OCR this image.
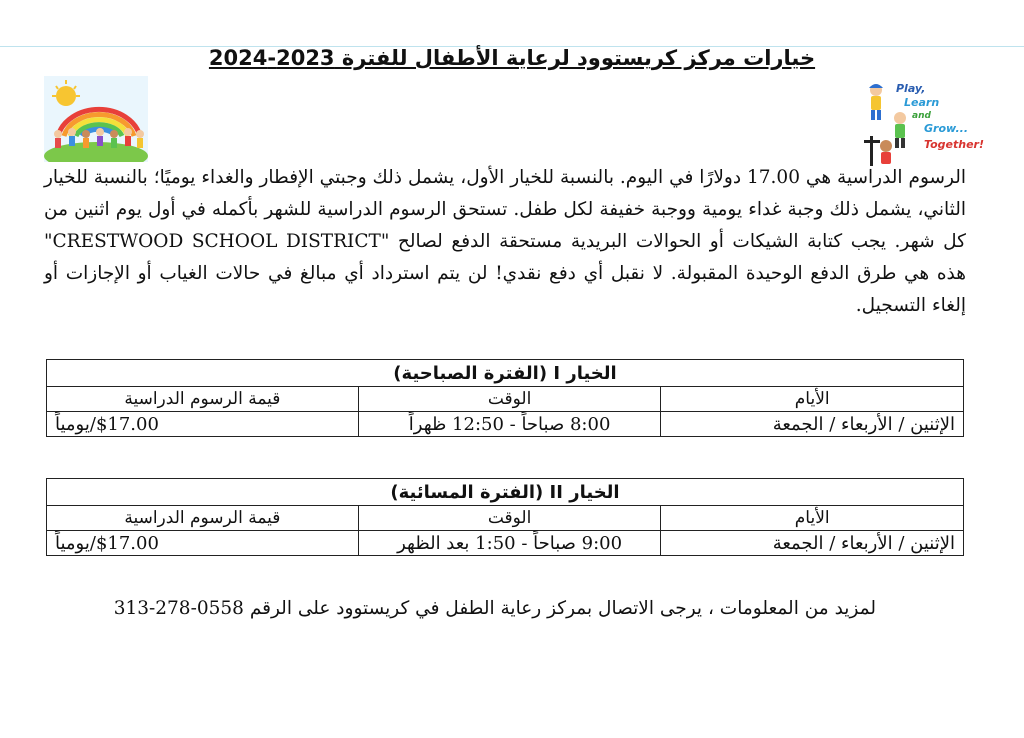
خيارات مركز كريستوود لرعاية الأطفال للفترة 2023-2024
Play,
Learn
and
Grow...
Together!
الرسوم الدراسية هي 17.00 دولارًا في اليوم. بالنسبة للخيار الأول، يشمل ذلك وجبتي الإفطار والغداء يوميًا؛ بالنسبة للخيار الثاني، يشمل ذلك وجبة غداء يومية ووجبة خفيفة لكل طفل. تستحق الرسوم الدراسية للشهر بأكمله في أول يوم اثنين من كل شهر. يجب كتابة الشيكات أو الحوالات البريدية مستحقة الدفع لصالح "CRESTWOOD SCHOOL DISTRICT" هذه هي طرق الدفع الوحيدة المقبولة. لا نقبل أي دفع نقدي! لن يتم استرداد أي مبالغ في حالات الغياب أو الإجازات أو إلغاء التسجيل.
الخيار I (الفترة الصباحية)		
الأيام	الوقت	قيمة الرسوم الدراسية
الإثنين / الأربعاء / الجمعة	8:00 صباحاً - 12:50 ظهراً	$17.00/يومياً
الخيار II (الفترة المسائية)		
الأيام	الوقت	قيمة الرسوم الدراسية
الإثنين / الأربعاء / الجمعة	9:00 صباحاً - 1:50 بعد الظهر	$17.00/يومياً
لمزيد من المعلومات ، يرجى الاتصال بمركز رعاية الطفل في كريستوود على الرقم 0558-278-313
